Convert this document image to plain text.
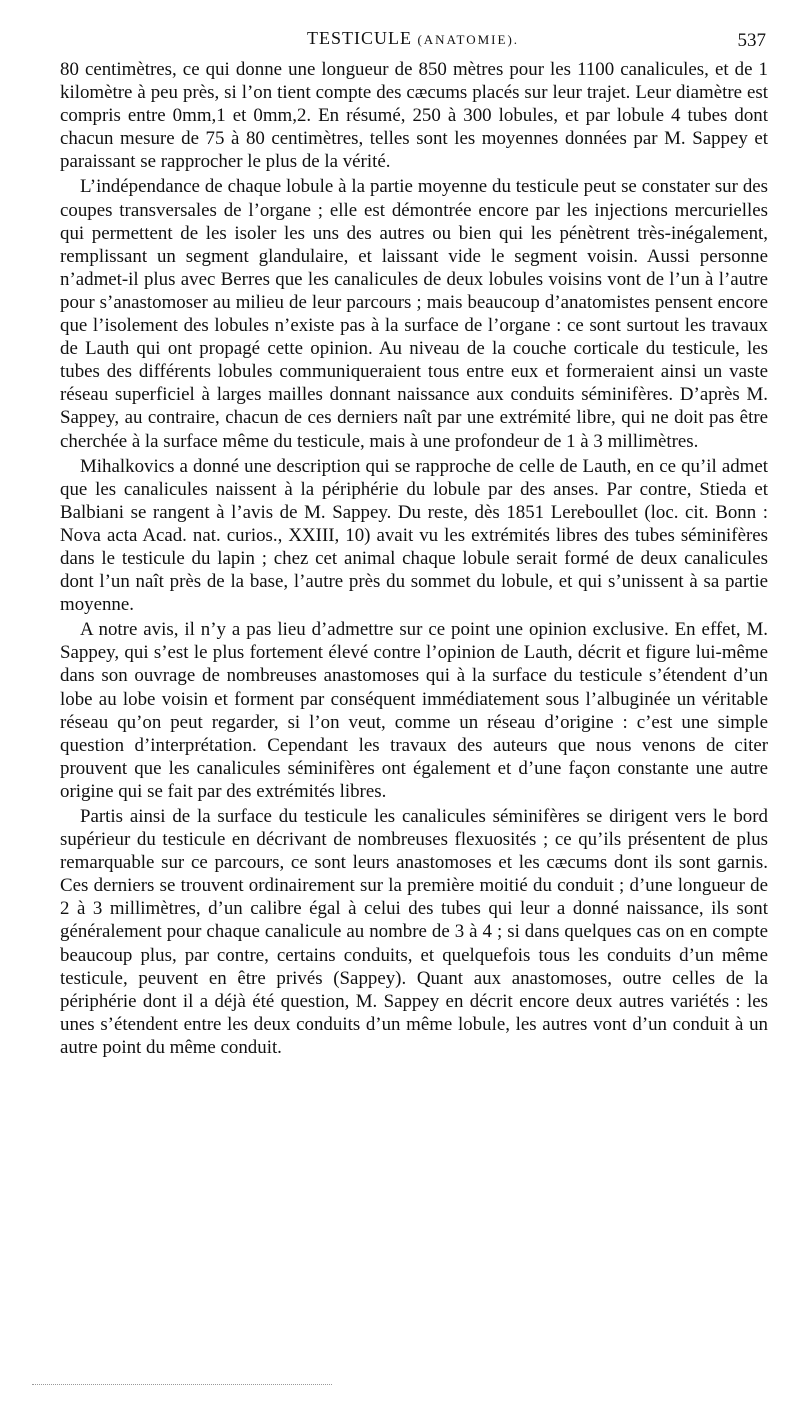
TESTICULE (ANATOMIE).	537

80 centimètres, ce qui donne une longueur de 850 mètres pour les 1100 canalicules, et de 1 kilomètre à peu près, si l’on tient compte des cæcums placés sur leur trajet. Leur diamètre est compris entre 0mm,1 et 0mm,2. En résumé, 250 à 300 lobules, et par lobule 4 tubes dont chacun mesure de 75 à 80 centimètres, telles sont les moyennes données par M. Sappey et paraissant se rapprocher le plus de la vérité.

L’indépendance de chaque lobule à la partie moyenne du testicule peut se constater sur des coupes transversales de l’organe ; elle est démontrée encore par les injections mercurielles qui permettent de les isoler les uns des autres ou bien qui les pénètrent très-inégalement, remplissant un segment glandulaire, et laissant vide le segment voisin. Aussi personne n’admet-il plus avec Berres que les canalicules de deux lobules voisins vont de l’un à l’autre pour s’anastomoser au milieu de leur parcours ; mais beaucoup d’anatomistes pensent encore que l’isolement des lobules n’existe pas à la surface de l’organe : ce sont surtout les travaux de Lauth qui ont propagé cette opinion. Au niveau de la couche corticale du testicule, les tubes des différents lobules communiqueraient tous entre eux et formeraient ainsi un vaste réseau superficiel à larges mailles donnant naissance aux conduits séminifères. D’après M. Sappey, au contraire, chacun de ces derniers naît par une extrémité libre, qui ne doit pas être cherchée à la surface même du testicule, mais à une profondeur de 1 à 3 millimètres.

Mihalkovics a donné une description qui se rapproche de celle de Lauth, en ce qu’il admet que les canalicules naissent à la périphérie du lobule par des anses. Par contre, Stieda et Balbiani se rangent à l’avis de M. Sappey. Du reste, dès 1851 Lereboullet (loc. cit. Bonn : Nova acta Acad. nat. curios., XXIII, 10) avait vu les extrémités libres des tubes séminifères dans le testicule du lapin ; chez cet animal chaque lobule serait formé de deux canalicules dont l’un naît près de la base, l’autre près du sommet du lobule, et qui s’unissent à sa partie moyenne.

A notre avis, il n’y a pas lieu d’admettre sur ce point une opinion exclusive. En effet, M. Sappey, qui s’est le plus fortement élevé contre l’opinion de Lauth, décrit et figure lui-même dans son ouvrage de nombreuses anastomoses qui à la surface du testicule s’étendent d’un lobe au lobe voisin et forment par conséquent immédiatement sous l’albuginée un véritable réseau qu’on peut regarder, si l’on veut, comme un réseau d’origine : c’est une simple question d’interprétation. Cependant les travaux des auteurs que nous venons de citer prouvent que les canalicules séminifères ont également et d’une façon constante une autre origine qui se fait par des extrémités libres.

Partis ainsi de la surface du testicule les canalicules séminifères se dirigent vers le bord supérieur du testicule en décrivant de nombreuses flexuosités ; ce qu’ils présentent de plus remarquable sur ce parcours, ce sont leurs anastomoses et les cæcums dont ils sont garnis. Ces derniers se trouvent ordinairement sur la première moitié du conduit ; d’une longueur de 2 à 3 millimètres, d’un calibre égal à celui des tubes qui leur a donné naissance, ils sont généralement pour chaque canalicule au nombre de 3 à 4 ; si dans quelques cas on en compte beaucoup plus, par contre, certains conduits, et quelquefois tous les conduits d’un même testicule, peuvent en être privés (Sappey). Quant aux anastomoses, outre celles de la périphérie dont il a déjà été question, M. Sappey en décrit encore deux autres variétés : les unes s’étendent entre les deux conduits d’un même lobule, les autres vont d’un conduit à un autre point du même conduit.
